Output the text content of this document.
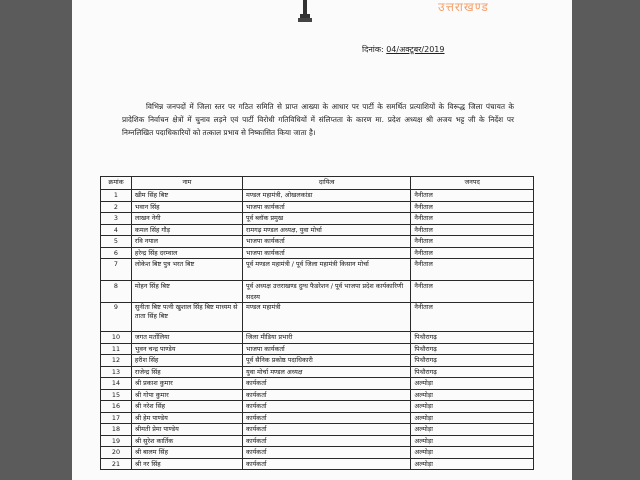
उत्तराखण्ड
दिनांक: 04/अक्टूबर/2019
विभिन्न जनपदों में जिला स्तर पर गठित समिति से प्राप्त आख्या के आधार पर पार्टी के समर्थित प्रत्याशियों के विरूद्ध जिला पंचायत के प्रादेशिक निर्वाचन क्षेत्रों में चुनाव लड़ने एवं पार्टी विरोधी गतिविधियों में संलिप्तता के कारण मा. प्रदेश अध्यक्ष श्री अजय भट्ट जी के निर्देश पर निम्नलिखित पदाधिकारियों को तत्काल प्रभाव से निष्कासित किया जाता है।
क्रमांक	नाम	दायित्व	जनपद
1	खीम सिंह बिष्ट	मण्डल महामंत्री, ओखलकांडा	नैनीताल
2	भवान सिंह	भाजपा कार्यकर्ता	नैनीताल
3	लाखन नेगी	पूर्व ब्लॉक प्रमुख	नैनीताल
4	कमल सिंह गौड़	रामगढ़ मण्डल अध्यक्ष, युवा मोर्चा	नैनीताल
5	रवि नयाल	भाजपा कार्यकर्ता	नैनीताल
6	हरेन्द्र सिंह दरम्वाल	भाजपा कार्यकर्ता	नैनीताल
7	लोकेश बिष्ट पुत्र भरत बिष्ट	पूर्व मण्डल महामंत्री / पूर्व जिला महामंत्री किसान मोर्चा	नैनीताल
8	मोहन सिंह बिष्ट	पूर्व अध्यक्ष उत्तराखण्ड दुग्ध फैडरेशन / पूर्व भाजपा प्रदेश कार्यकारिणी सदस्य	नैनीताल
9	सुनीता बिष्ट पत्नी खुशाल सिंह बिष्ट माध्यम से ताता सिंह बिष्ट	मण्डल महामंत्री	नैनीताल
10	जगत मर्तोलिया	जिला मीडिया प्रभारी	पिथौरागढ़
11	भुवन चन्द्र पाण्डेय	भाजपा कार्यकर्ता	पिथौरागढ़
12	हरीश सिंह	पूर्व सैनिक प्रकोष्ठ पदाधिकारी	पिथौरागढ़
13	राजेन्द्र सिंह	युवा मोर्चा मण्डल अध्यक्ष	पिथौरागढ़
14	श्री प्रकाश कुमार	कार्यकर्ता	अल्मोड़ा
15	श्री गोपा कुमार	कार्यकर्ता	अल्मोड़ा
16	श्री नरेश सिंह	कार्यकर्ता	अल्मोड़ा
17	श्री हेम पाण्डेय	कार्यकर्ता	अल्मोड़ा
18	श्रीमती प्रेमा पाण्डेय	कार्यकर्ता	अल्मोड़ा
19	श्री सुरेश कार्तिक	कार्यकर्ता	अल्मोड़ा
20	श्री बालम सिंह	कार्यकर्ता	अल्मोड़ा
21	श्री नर सिंह	कार्यकर्ता	अल्मोड़ा
